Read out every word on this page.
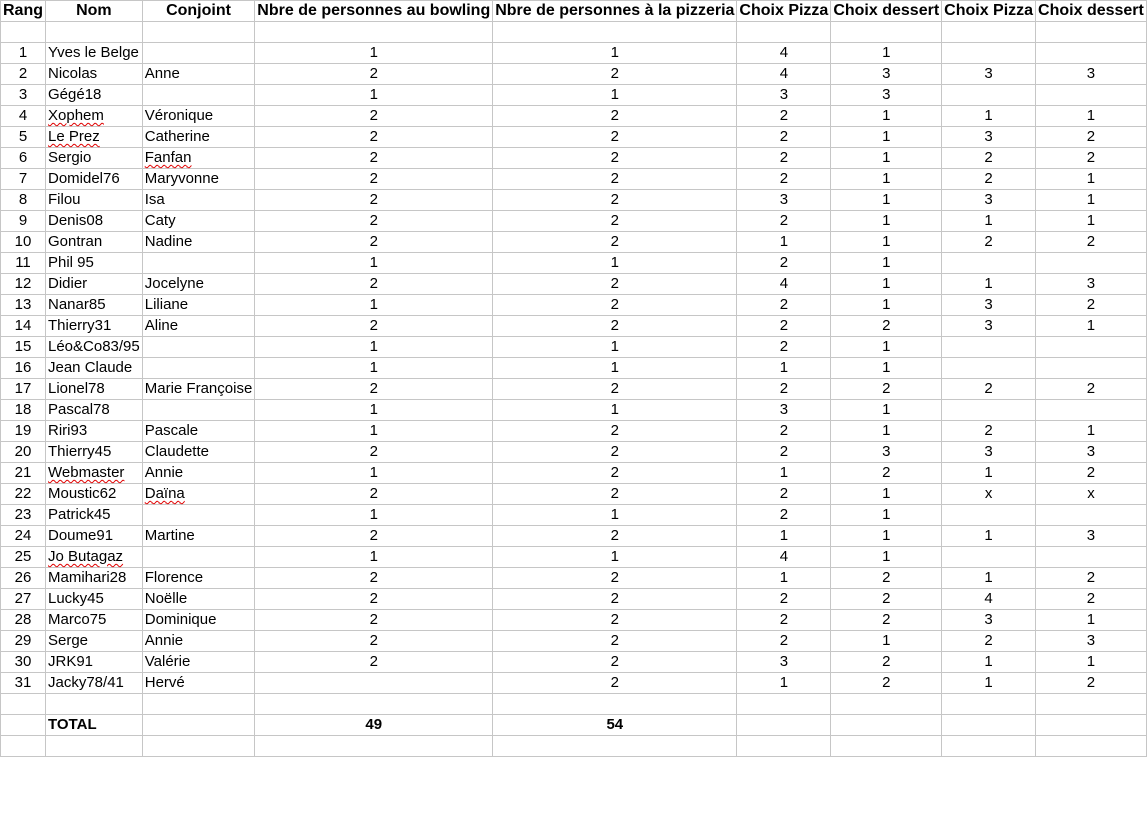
Rang	Nom	Conjoint	Nbre de personnes au bowling	Nbre de personnes à la pizzeria	Choix Pizza	Choix dessert	Choix Pizza	Choix dessert

1	Yves le Belge		1	1	4	1		
2	Nicolas	Anne	2	2	4	3	3	3
3	Gégé18		1	1	3	3		
4	Xophem	Véronique	2	2	2	1	1	1
5	Le Prez	Catherine	2	2	2	1	3	2
6	Sergio	Fanfan	2	2	2	1	2	2
7	Domidel76	Maryvonne	2	2	2	1	2	1
8	Filou	Isa	2	2	3	1	3	1
9	Denis08	Caty	2	2	2	1	1	1
10	Gontran	Nadine	2	2	1	1	2	2
11	Phil 95		1	1	2	1		
12	Didier	Jocelyne	2	2	4	1	1	3
13	Nanar85	Liliane	1	2	2	1	3	2
14	Thierry31	Aline	2	2	2	2	3	1
15	Léo&Co83/95		1	1	2	1		
16	Jean Claude		1	1	1	1		
17	Lionel78	Marie Françoise	2	2	2	2	2	2
18	Pascal78		1	1	3	1		
19	Riri93	Pascale	1	2	2	1	2	1
20	Thierry45	Claudette	2	2	2	3	3	3
21	Webmaster	Annie	1	2	1	2	1	2
22	Moustic62	Daïna	2	2	2	1	x	x
23	Patrick45		1	1	2	1		
24	Doume91	Martine	2	2	1	1	1	3
25	Jo Butagaz		1	1	4	1		
26	Mamihari28	Florence	2	2	1	2	1	2
27	Lucky45	Noëlle	2	2	2	2	4	2
28	Marco75	Dominique	2	2	2	2	3	1
29	Serge	Annie	2	2	2	1	2	3
30	JRK91	Valérie	2	2	3	2	1	1
31	Jacky78/41	Hervé		2	1	2	1	2

	TOTAL		49	54				
